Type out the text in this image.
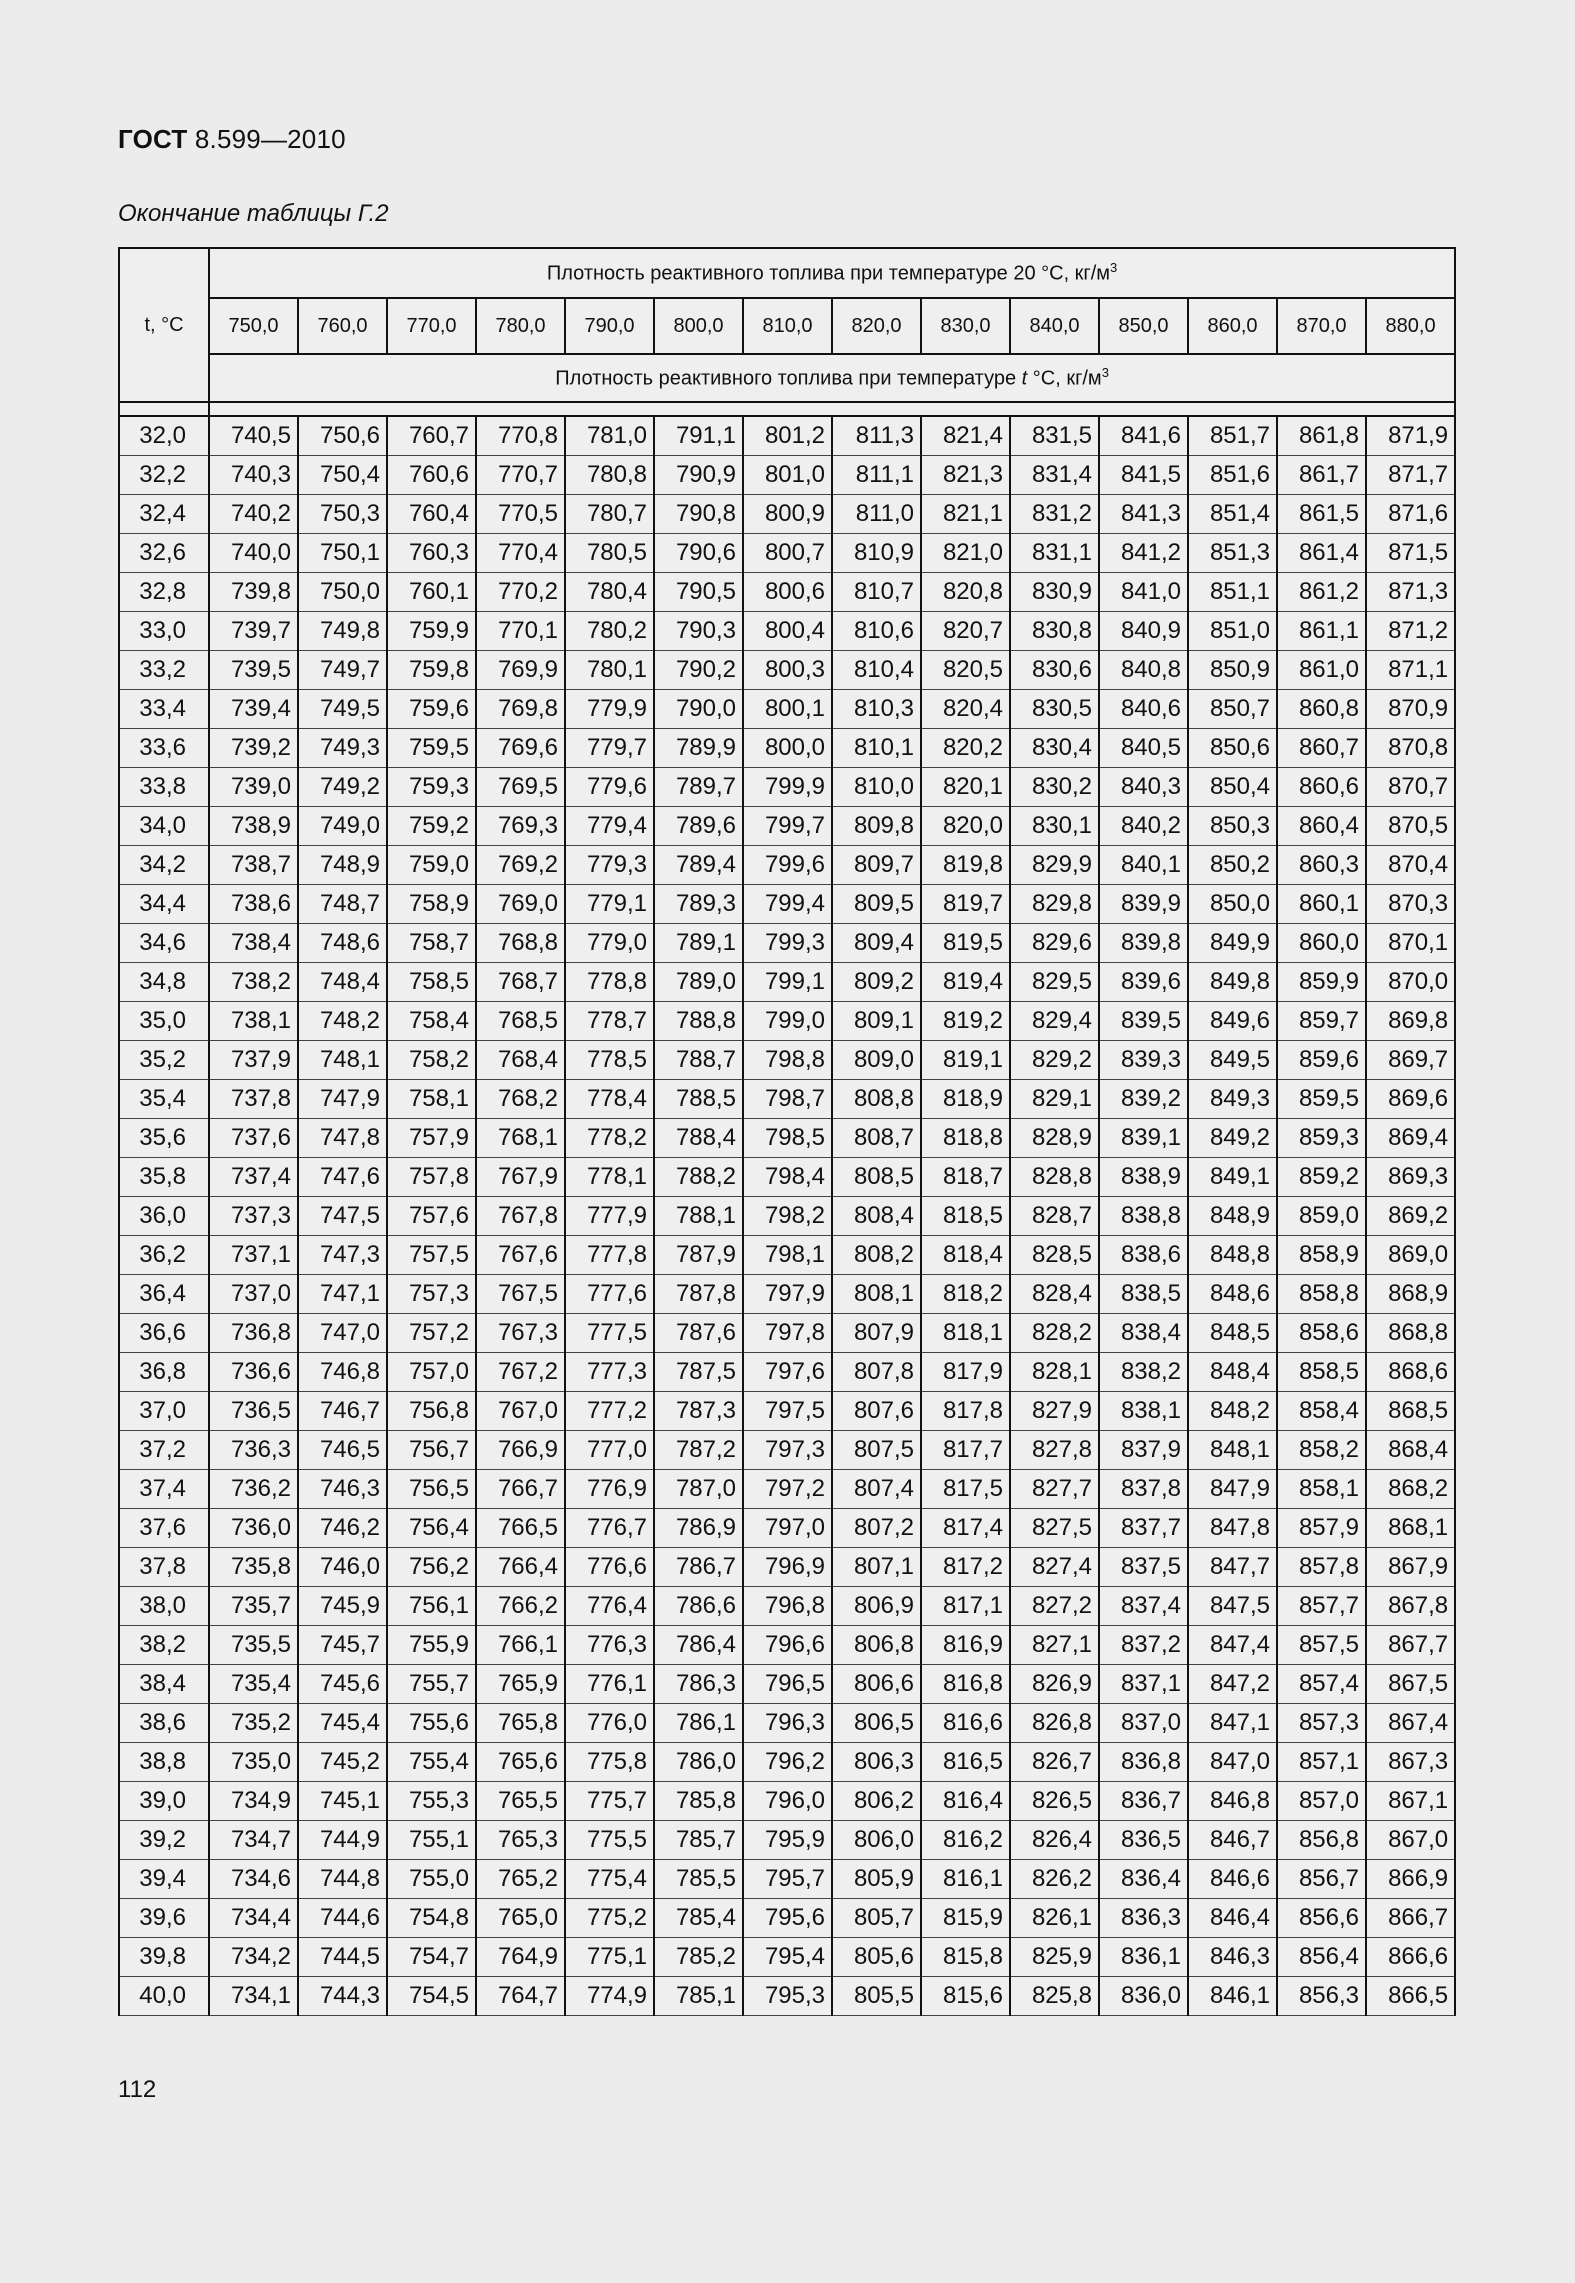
ГОСТ 8.599—2010
Окончание таблицы Г.2
t, °С	Плотность реактивного топлива при температуре 20 °С, $кг/м^3$
	750,0	760,0	770,0	780,0	790,0	800,0	810,0	820,0	830,0	840,0	850,0	860,0	870,0	880,0
	Плотность реактивного топлива при температуре t °С, $кг/м^3$

32,0	740,5	750,6	760,7	770,8	781,0	791,1	801,2	811,3	821,4	831,5	841,6	851,7	861,8	871,9
32,2	740,3	750,4	760,6	770,7	780,8	790,9	801,0	811,1	821,3	831,4	841,5	851,6	861,7	871,7
32,4	740,2	750,3	760,4	770,5	780,7	790,8	800,9	811,0	821,1	831,2	841,3	851,4	861,5	871,6
32,6	740,0	750,1	760,3	770,4	780,5	790,6	800,7	810,9	821,0	831,1	841,2	851,3	861,4	871,5
32,8	739,8	750,0	760,1	770,2	780,4	790,5	800,6	810,7	820,8	830,9	841,0	851,1	861,2	871,3
33,0	739,7	749,8	759,9	770,1	780,2	790,3	800,4	810,6	820,7	830,8	840,9	851,0	861,1	871,2
33,2	739,5	749,7	759,8	769,9	780,1	790,2	800,3	810,4	820,5	830,6	840,8	850,9	861,0	871,1
33,4	739,4	749,5	759,6	769,8	779,9	790,0	800,1	810,3	820,4	830,5	840,6	850,7	860,8	870,9
33,6	739,2	749,3	759,5	769,6	779,7	789,9	800,0	810,1	820,2	830,4	840,5	850,6	860,7	870,8
33,8	739,0	749,2	759,3	769,5	779,6	789,7	799,9	810,0	820,1	830,2	840,3	850,4	860,6	870,7
34,0	738,9	749,0	759,2	769,3	779,4	789,6	799,7	809,8	820,0	830,1	840,2	850,3	860,4	870,5
34,2	738,7	748,9	759,0	769,2	779,3	789,4	799,6	809,7	819,8	829,9	840,1	850,2	860,3	870,4
34,4	738,6	748,7	758,9	769,0	779,1	789,3	799,4	809,5	819,7	829,8	839,9	850,0	860,1	870,3
34,6	738,4	748,6	758,7	768,8	779,0	789,1	799,3	809,4	819,5	829,6	839,8	849,9	860,0	870,1
34,8	738,2	748,4	758,5	768,7	778,8	789,0	799,1	809,2	819,4	829,5	839,6	849,8	859,9	870,0
35,0	738,1	748,2	758,4	768,5	778,7	788,8	799,0	809,1	819,2	829,4	839,5	849,6	859,7	869,8
35,2	737,9	748,1	758,2	768,4	778,5	788,7	798,8	809,0	819,1	829,2	839,3	849,5	859,6	869,7
35,4	737,8	747,9	758,1	768,2	778,4	788,5	798,7	808,8	818,9	829,1	839,2	849,3	859,5	869,6
35,6	737,6	747,8	757,9	768,1	778,2	788,4	798,5	808,7	818,8	828,9	839,1	849,2	859,3	869,4
35,8	737,4	747,6	757,8	767,9	778,1	788,2	798,4	808,5	818,7	828,8	838,9	849,1	859,2	869,3
36,0	737,3	747,5	757,6	767,8	777,9	788,1	798,2	808,4	818,5	828,7	838,8	848,9	859,0	869,2
36,2	737,1	747,3	757,5	767,6	777,8	787,9	798,1	808,2	818,4	828,5	838,6	848,8	858,9	869,0
36,4	737,0	747,1	757,3	767,5	777,6	787,8	797,9	808,1	818,2	828,4	838,5	848,6	858,8	868,9
36,6	736,8	747,0	757,2	767,3	777,5	787,6	797,8	807,9	818,1	828,2	838,4	848,5	858,6	868,8
36,8	736,6	746,8	757,0	767,2	777,3	787,5	797,6	807,8	817,9	828,1	838,2	848,4	858,5	868,6
37,0	736,5	746,7	756,8	767,0	777,2	787,3	797,5	807,6	817,8	827,9	838,1	848,2	858,4	868,5
37,2	736,3	746,5	756,7	766,9	777,0	787,2	797,3	807,5	817,7	827,8	837,9	848,1	858,2	868,4
37,4	736,2	746,3	756,5	766,7	776,9	787,0	797,2	807,4	817,5	827,7	837,8	847,9	858,1	868,2
37,6	736,0	746,2	756,4	766,5	776,7	786,9	797,0	807,2	817,4	827,5	837,7	847,8	857,9	868,1
37,8	735,8	746,0	756,2	766,4	776,6	786,7	796,9	807,1	817,2	827,4	837,5	847,7	857,8	867,9
38,0	735,7	745,9	756,1	766,2	776,4	786,6	796,8	806,9	817,1	827,2	837,4	847,5	857,7	867,8
38,2	735,5	745,7	755,9	766,1	776,3	786,4	796,6	806,8	816,9	827,1	837,2	847,4	857,5	867,7
38,4	735,4	745,6	755,7	765,9	776,1	786,3	796,5	806,6	816,8	826,9	837,1	847,2	857,4	867,5
38,6	735,2	745,4	755,6	765,8	776,0	786,1	796,3	806,5	816,6	826,8	837,0	847,1	857,3	867,4
38,8	735,0	745,2	755,4	765,6	775,8	786,0	796,2	806,3	816,5	826,7	836,8	847,0	857,1	867,3
39,0	734,9	745,1	755,3	765,5	775,7	785,8	796,0	806,2	816,4	826,5	836,7	846,8	857,0	867,1
39,2	734,7	744,9	755,1	765,3	775,5	785,7	795,9	806,0	816,2	826,4	836,5	846,7	856,8	867,0
39,4	734,6	744,8	755,0	765,2	775,4	785,5	795,7	805,9	816,1	826,2	836,4	846,6	856,7	866,9
39,6	734,4	744,6	754,8	765,0	775,2	785,4	795,6	805,7	815,9	826,1	836,3	846,4	856,6	866,7
39,8	734,2	744,5	754,7	764,9	775,1	785,2	795,4	805,6	815,8	825,9	836,1	846,3	856,4	866,6
40,0	734,1	744,3	754,5	764,7	774,9	785,1	795,3	805,5	815,6	825,8	836,0	846,1	856,3	866,5
112
